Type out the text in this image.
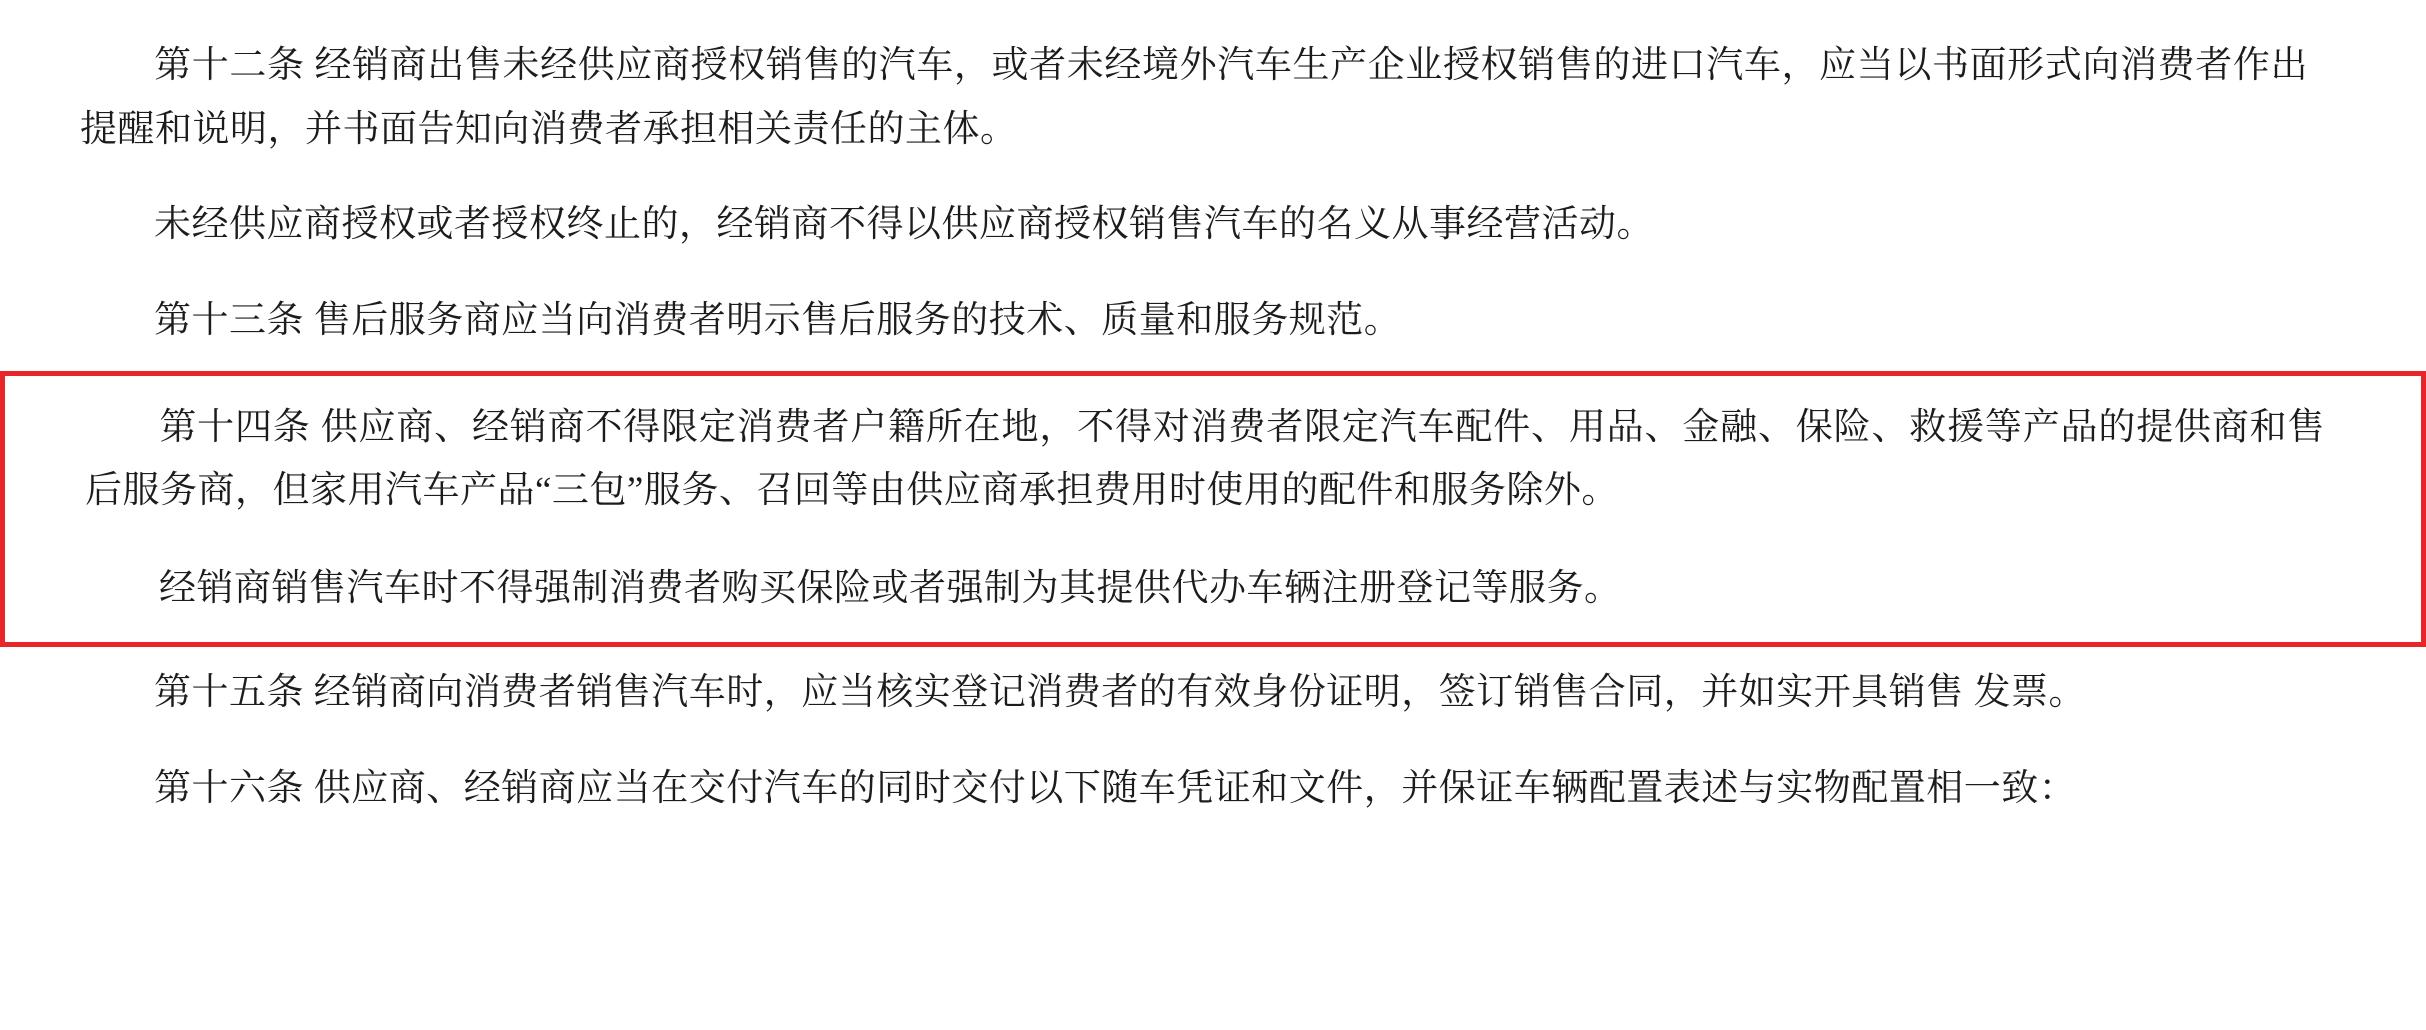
第十二条 经销商出售未经供应商授权销售的汽车，或者未经境外汽车生产企业授权销售的进口汽车，应当以书面形式向消费者作出提醒和说明，并书面告知向消费者承担相关责任的主体。

未经供应商授权或者授权终止的，经销商不得以供应商授权销售汽车的名义从事经营活动。

第十三条 售后服务商应当向消费者明示售后服务的技术、质量和服务规范。

第十四条 供应商、经销商不得限定消费者户籍所在地，不得对消费者限定汽车配件、用品、金融、保险、救援等产品的提供商和售后服务商，但家用汽车产品“三包”服务、召回等由供应商承担费用时使用的配件和服务除外。

经销商销售汽车时不得强制消费者购买保险或者强制为其提供代办车辆注册登记等服务。

第十五条 经销商向消费者销售汽车时，应当核实登记消费者的有效身份证明，签订销售合同，并如实开具销售 发票。

第十六条 供应商、经销商应当在交付汽车的同时交付以下随车凭证和文件，并保证车辆配置表述与实物配置相一致：
